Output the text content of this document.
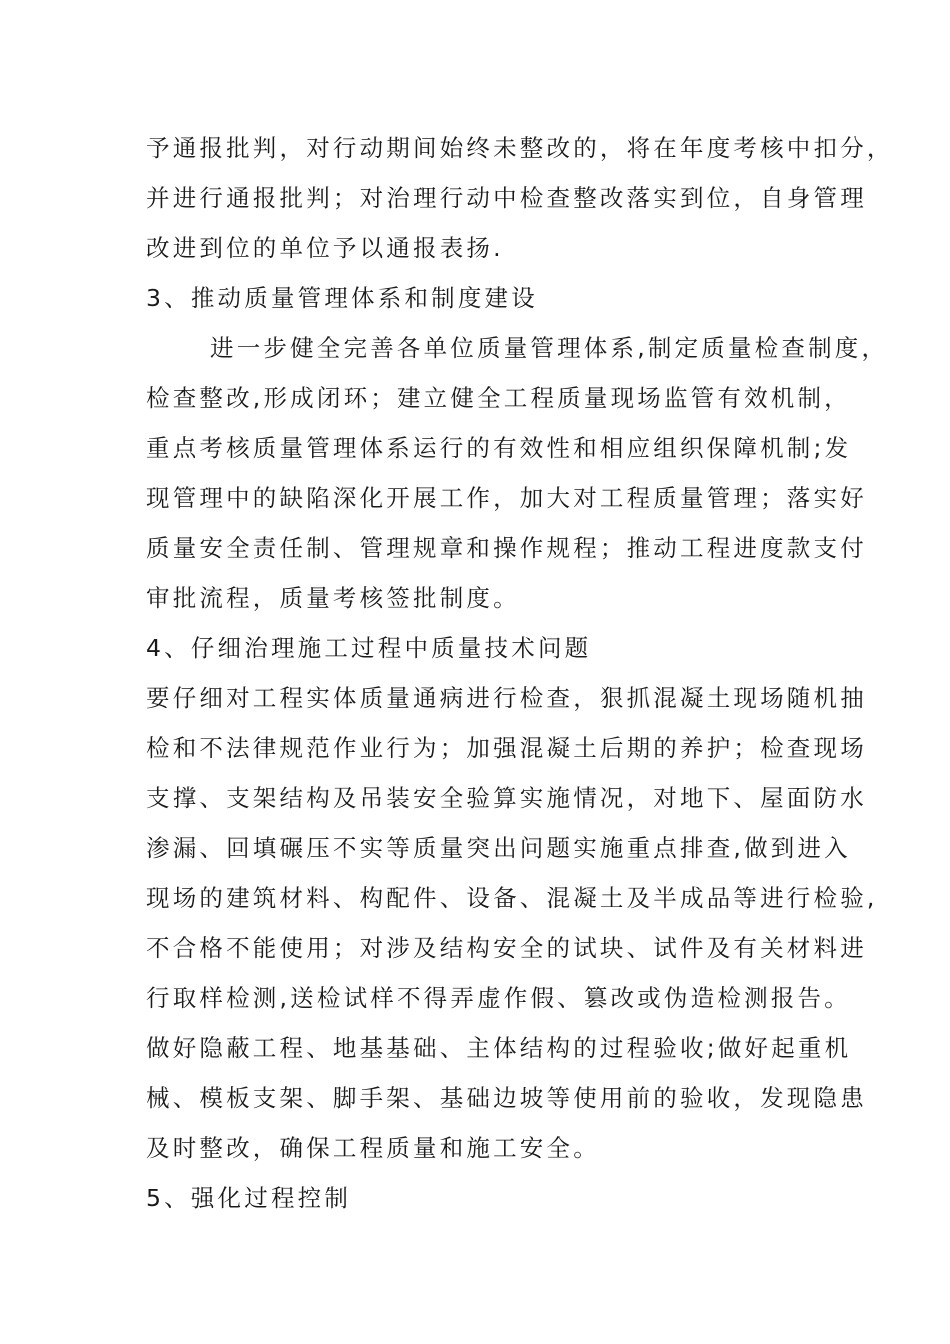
予通报批判，对行动期间始终未整改的，将在年度考核中扣分，
并进行通报批判；对治理行动中检查整改落实到位，自身管理
改进到位的单位予以通报表扬.
3、推动质量管理体系和制度建设
进一步健全完善各单位质量管理体系,制定质量检查制度，
检查整改,形成闭环；建立健全工程质量现场监管有效机制，
重点考核质量管理体系运行的有效性和相应组织保障机制;发
现管理中的缺陷深化开展工作，加大对工程质量管理；落实好
质量安全责任制、管理规章和操作规程；推动工程进度款支付
审批流程，质量考核签批制度。
4、仔细治理施工过程中质量技术问题
要仔细对工程实体质量通病进行检查，狠抓混凝土现场随机抽
检和不法律规范作业行为；加强混凝土后期的养护；检查现场
支撑、支架结构及吊装安全验算实施情况，对地下、屋面防水
渗漏、回填碾压不实等质量突出问题实施重点排查,做到进入
现场的建筑材料、构配件、设备、混凝土及半成品等进行检验,
不合格不能使用；对涉及结构安全的试块、试件及有关材料进
行取样检测,送检试样不得弄虚作假、篡改或伪造检测报告。
做好隐蔽工程、地基基础、主体结构的过程验收;做好起重机
械、模板支架、脚手架、基础边坡等使用前的验收，发现隐患
及时整改，确保工程质量和施工安全。
5、强化过程控制
